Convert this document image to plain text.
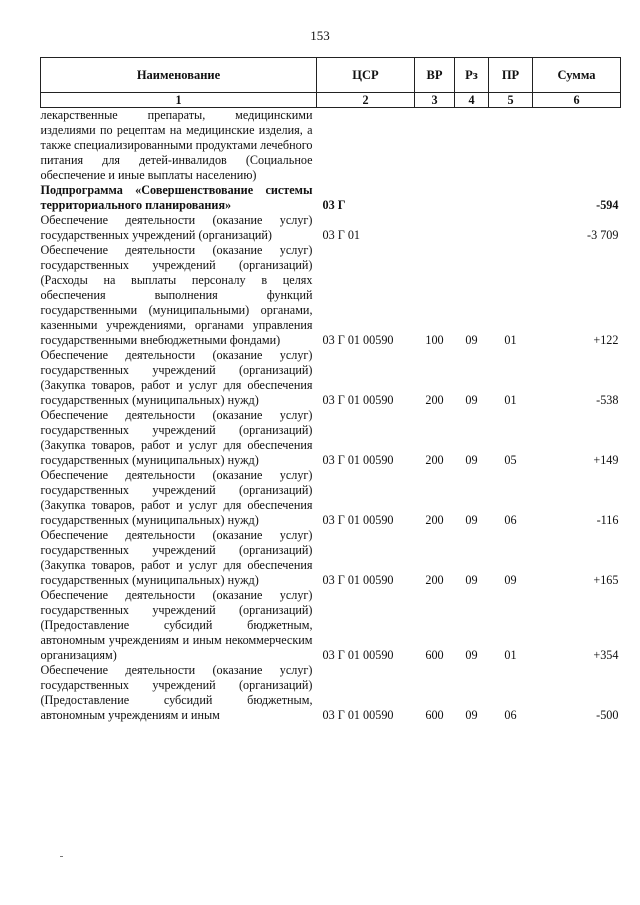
153
Наименование	ЦСР	ВР	Рз	ПР	Сумма
1	2	3	4	5	6
лекарственные препараты, медицинскими изделиями по рецептам на медицинские изделия, а также специализированными продуктами лечебного питания для детей-инвалидов (Социальное обеспечение и иные выплаты населению)					
Подпрограмма «Совершенствование системы территориального планирования»	03 Г				-594
Обеспечение деятельности (оказание услуг) государственных учреждений (организаций)	03 Г 01				-3 709
Обеспечение деятельности (оказание услуг) государственных учреждений (организаций) (Расходы на выплаты персоналу в целях обеспечения выполнения функций государственными (муниципальными) органами, казенными учреждениями, органами управления государственными внебюджетными фондами)	03 Г 01 00590	100	09	01	+122
Обеспечение деятельности (оказание услуг) государственных учреждений (организаций) (Закупка товаров, работ и услуг для обеспечения государственных (муниципальных) нужд)	03 Г 01 00590	200	09	01	-538
Обеспечение деятельности (оказание услуг) государственных учреждений (организаций) (Закупка товаров, работ и услуг для обеспечения государственных (муниципальных) нужд)	03 Г 01 00590	200	09	05	+149
Обеспечение деятельности (оказание услуг) государственных учреждений (организаций) (Закупка товаров, работ и услуг для обеспечения государственных (муниципальных) нужд)	03 Г 01 00590	200	09	06	-116
Обеспечение деятельности (оказание услуг) государственных учреждений (организаций) (Закупка товаров, работ и услуг для обеспечения государственных (муниципальных) нужд)	03 Г 01 00590	200	09	09	+165
Обеспечение деятельности (оказание услуг) государственных учреждений (организаций) (Предоставление субсидий бюджетным, автономным учреждениям и иным некоммерческим организациям)	03 Г 01 00590	600	09	01	+354
Обеспечение деятельности (оказание услуг) государственных учреждений (организаций) (Предоставление субсидий бюджетным, автономным учреждениям и иным	03 Г 01 00590	600	09	06	-500
